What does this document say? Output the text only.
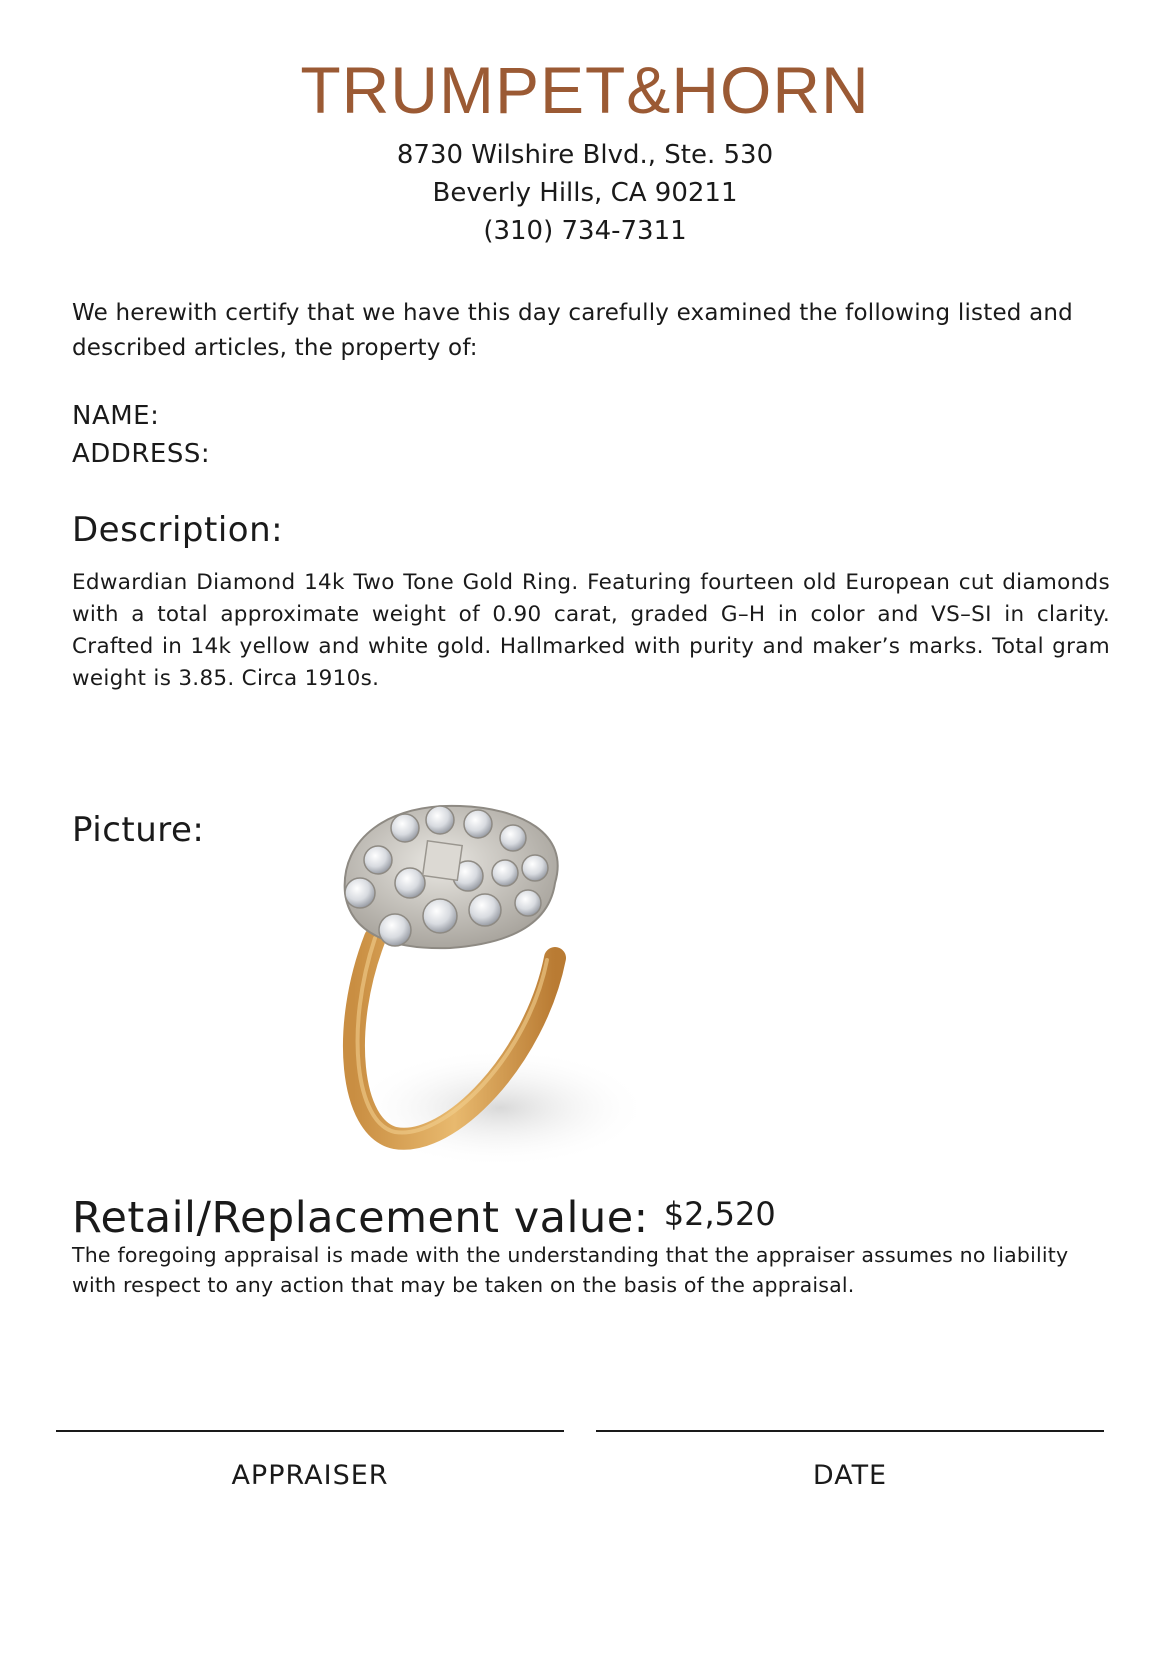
TRUMPET&HORN
8730 Wilshire Blvd., Ste. 530
Beverly Hills, CA 90211
(310) 734-7311
We herewith certify that we have this day carefully examined the following listed and described articles, the property of:
NAME:
ADDRESS:
Description:
Edwardian Diamond 14k Two Tone Gold Ring. Featuring fourteen old European cut diamonds with a total approximate weight of 0.90 carat, graded G–H in color and VS–SI in clarity. Crafted in 14k yellow and white gold. Hallmarked with purity and maker’s marks. Total gram weight is 3.85. Circa 1910s.
Picture:
Retail/Replacement value: $2,520
The foregoing appraisal is made with the understanding that the appraiser assumes no liability with respect to any action that may be taken on the basis of the appraisal.
APPRAISER	DATE
